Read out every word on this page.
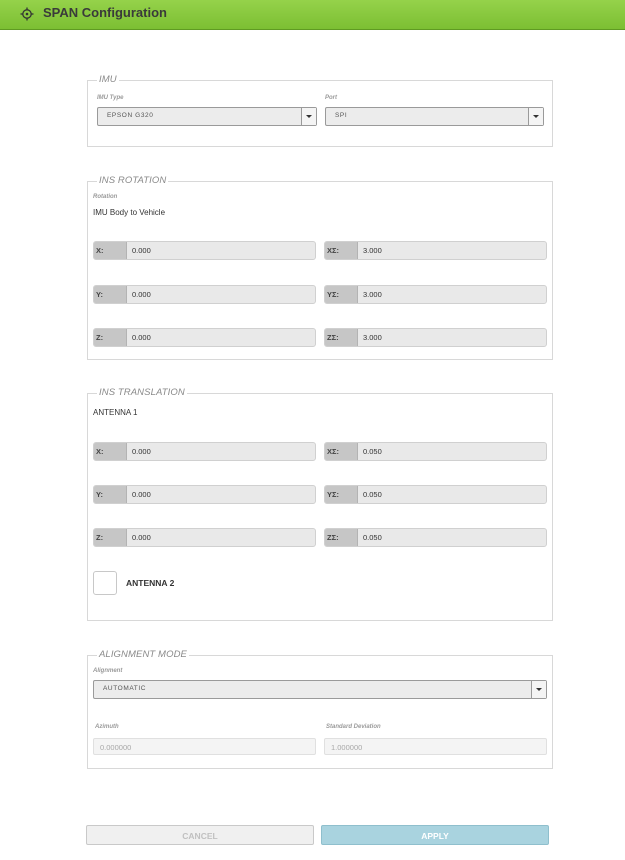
SPAN Configuration
IMU
IMU Type
EPSON G320
Port
SPI
INS ROTATION
Rotation
IMU Body to Vehicle
X:	0.000	XΣ:	3.000
Y:	0.000	YΣ:	3.000
Z:	0.000	ZΣ:	3.000
INS TRANSLATION
ANTENNA 1
X:	0.000	XΣ:	0.050
Y:	0.000	YΣ:	0.050
Z:	0.000	ZΣ:	0.050
ANTENNA 2
ALIGNMENT MODE
Alignment
AUTOMATIC
Azimuth
0.000000
Standard Deviation
1.000000
CANCEL	APPLY
